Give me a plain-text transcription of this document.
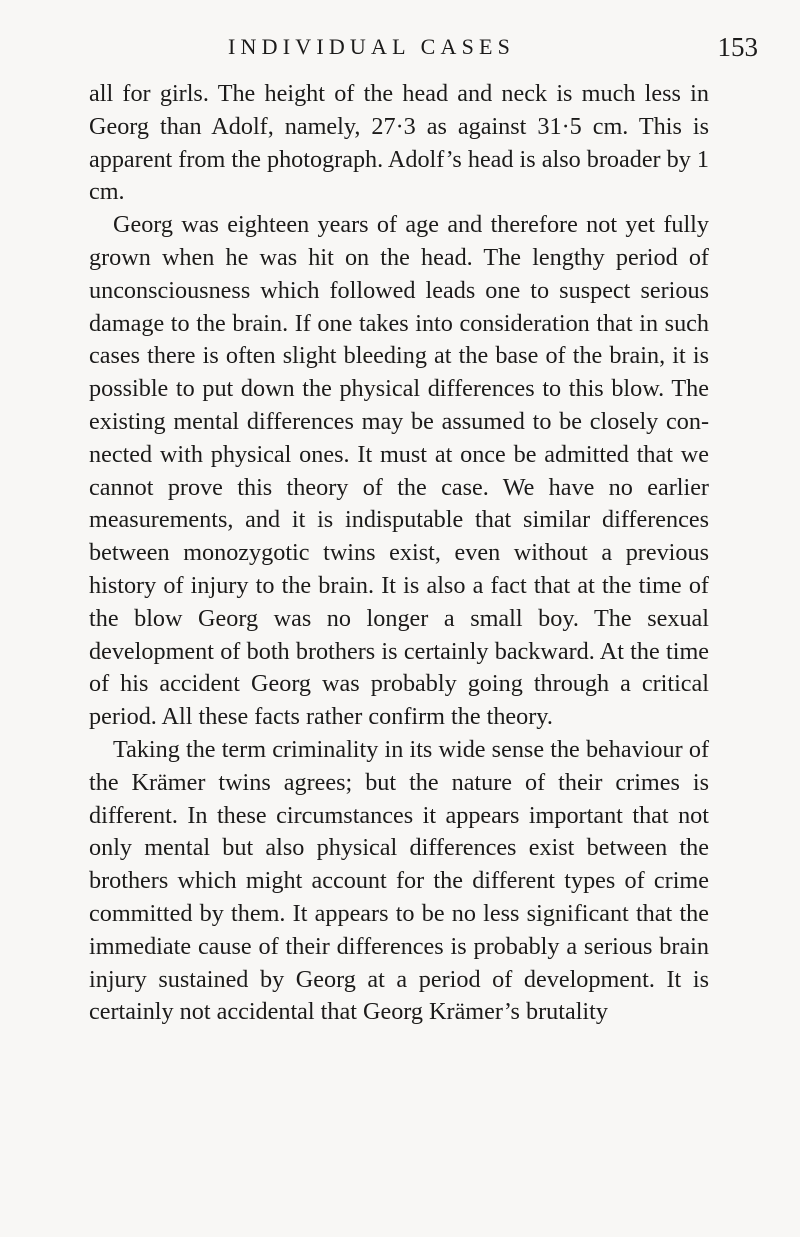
INDIVIDUAL CASES	153

all for girls. The height of the head and neck is much less in Georg than Adolf, namely, 27·3 as against 31·5 cm. This is apparent from the photograph. Adolf’s head is also broader by 1 cm.

Georg was eighteen years of age and therefore not yet fully grown when he was hit on the head. The lengthy period of unconsciousness which followed leads one to suspect serious damage to the brain. If one takes into consideration that in such cases there is often slight bleeding at the base of the brain, it is possible to put down the physical differences to this blow. The existing mental differences may be assumed to be closely connected with physical ones. It must at once be admitted that we cannot prove this theory of the case. We have no earlier measurements, and it is indisputable that similar differences between monozygotic twins exist, even without a previous history of injury to the brain. It is also a fact that at the time of the blow Georg was no longer a small boy. The sexual development of both brothers is certainly backward. At the time of his accident Georg was probably going through a critical period. All these facts rather confirm the theory.

Taking the term criminality in its wide sense the behaviour of the Krämer twins agrees; but the nature of their crimes is different. In these circumstances it appears important that not only mental but also physical differences exist between the brothers which might account for the different types of crime committed by them. It appears to be no less significant that the immediate cause of their differences is probably a serious brain injury sustained by Georg at a period of development. It is certainly not accidental that Georg Krämer’s brutality
